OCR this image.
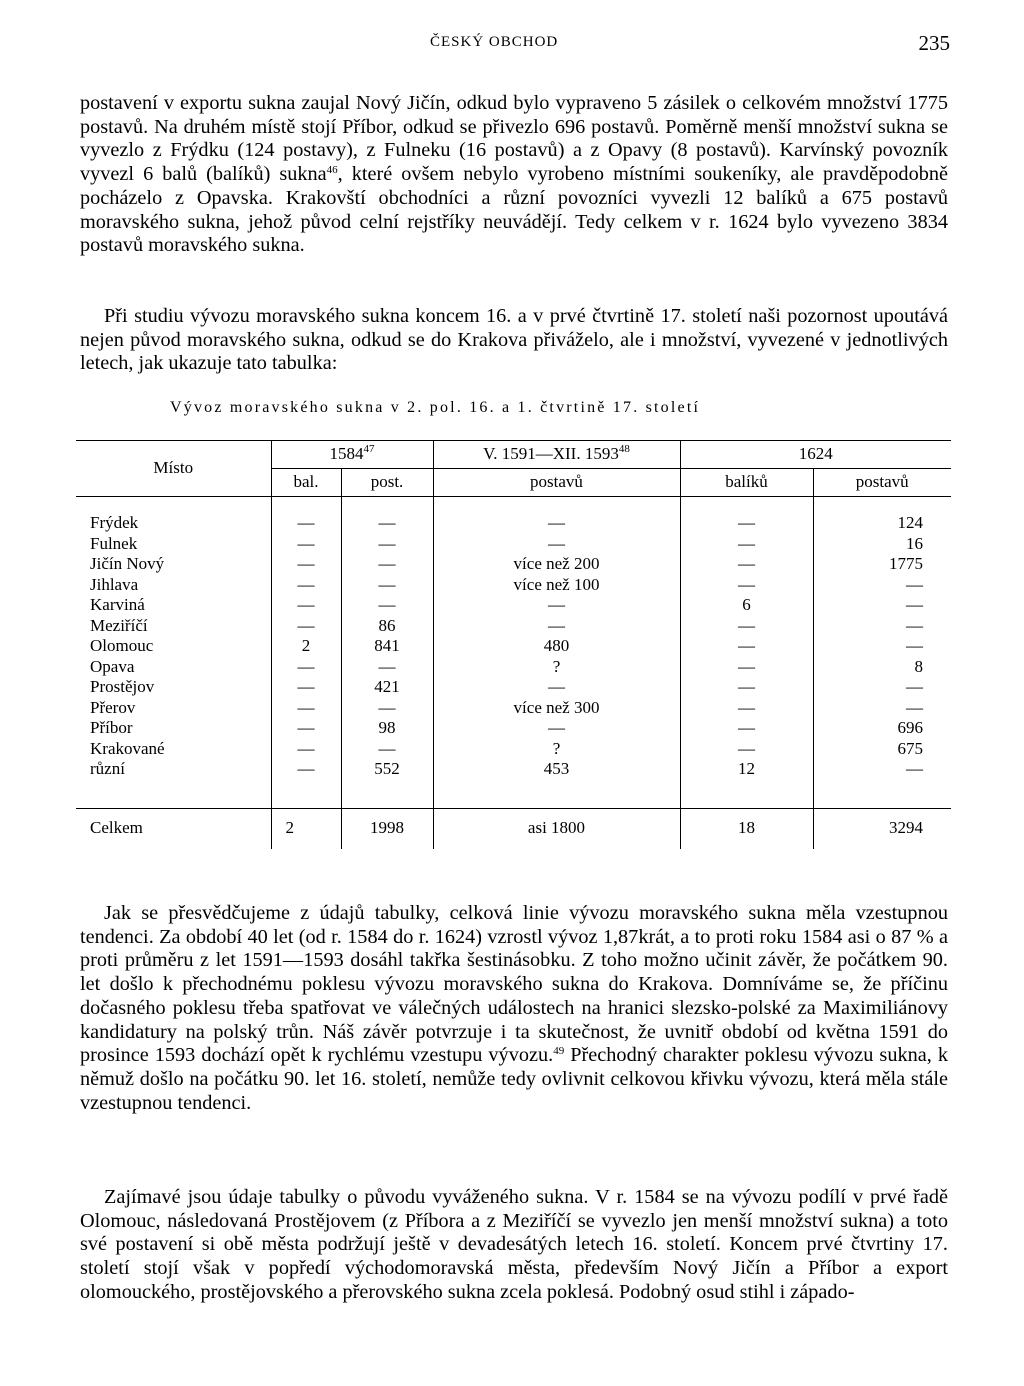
ČESKÝ OBCHOD	235

postavení v exportu sukna zaujal Nový Jičín, odkud bylo vypraveno 5 zásilek o celkovém množství 1775 postavů. Na druhém místě stojí Příbor, odkud se přivezlo 696 postavů. Poměrně menší množství sukna se vyvezlo z Frýdku (124 postavy), z Fulneku (16 postavů) a z Opavy (8 postavů). Karvínský povozník vyvezl 6 balů (balíků) sukna$^{46}$, které ovšem nebylo vyrobeno místními soukeníky, ale pravděpodobně pocházelo z Opavska. Krakovští obchodníci a různí povozníci vyvezli 12 balíků a 675 postavů moravského sukna, jehož původ celní rejstříky neuvádějí. Tedy celkem v r. 1624 bylo vyvezeno 3834 postavů moravského sukna.

Při studiu vývozu moravského sukna koncem 16. a v prvé čtvrtině 17. století naši pozornost upoutává nejen původ moravského sukna, odkud se do Krakova přiváželo, ale i množství, vyvezené v jednotlivých letech, jak ukazuje tato tabulka:

Vývoz moravského sukna v 2. pol. 16. a 1. čtvrtině 17. století
Místo	1584$^{47}$		V. 1591—XII. 1593$^{48}$	1624	
	bal.	post.	postavů	balíků	postavů

Frýdek	—	—	—	—	124
Fulnek	—	—	—	—	16
Jičín Nový	—	—	více než 200	—	1775
Jihlava	—	—	více než 100	—	—
Karviná	—	—	—	6	—
Meziříčí	—	86	—	—	—
Olomouc	2	841	480	—	—
Opava	—	—	?	—	8
Prostějov	—	421	—	—	—
Přerov	—	—	více než 300	—	—
Příbor	—	98	—	—	696
Krakované	—	—	?	—	675
různí	—	552	453	12	—

Celkem	2	1998	asi 1800	18	3294

Jak se přesvědčujeme z údajů tabulky, celková linie vývozu moravského sukna měla vzestupnou tendenci. Za období 40 let (od r. 1584 do r. 1624) vzrostl vývoz 1,87krát, a to proti roku 1584 asi o 87 % a proti průměru z let 1591—1593 dosáhl takřka šestinásobku. Z toho možno učinit závěr, že počátkem 90. let došlo k přechodnému poklesu vývozu moravského sukna do Krakova. Domníváme se, že příčinu dočasného poklesu třeba spatřovat ve válečných událostech na hranici slezsko-polské za Maximiliánovy kandidatury na polský trůn. Náš závěr potvrzuje i ta skutečnost, že uvnitř období od května 1591 do prosince 1593 dochází opět k rychlému vzestupu vývozu.$^{49}$ Přechodný charakter poklesu vývozu sukna, k němuž došlo na počátku 90. let 16. století, nemůže tedy ovlivnit celkovou křivku vývozu, která měla stále vzestupnou tendenci.

Zajímavé jsou údaje tabulky o původu vyváženého sukna. V r. 1584 se na vývozu podílí v prvé řadě Olomouc, následovaná Prostějovem (z Příbora a z Meziříčí se vyvezlo jen menší množství sukna) a toto své postavení si obě města podržují ještě v devadesátých letech 16. století. Koncem prvé čtvrtiny 17. století stojí však v popředí východomoravská města, především Nový Jičín a Příbor a export olomouckého, prostějovského a přerovského sukna zcela poklesá. Podobný osud stihl i západo-
